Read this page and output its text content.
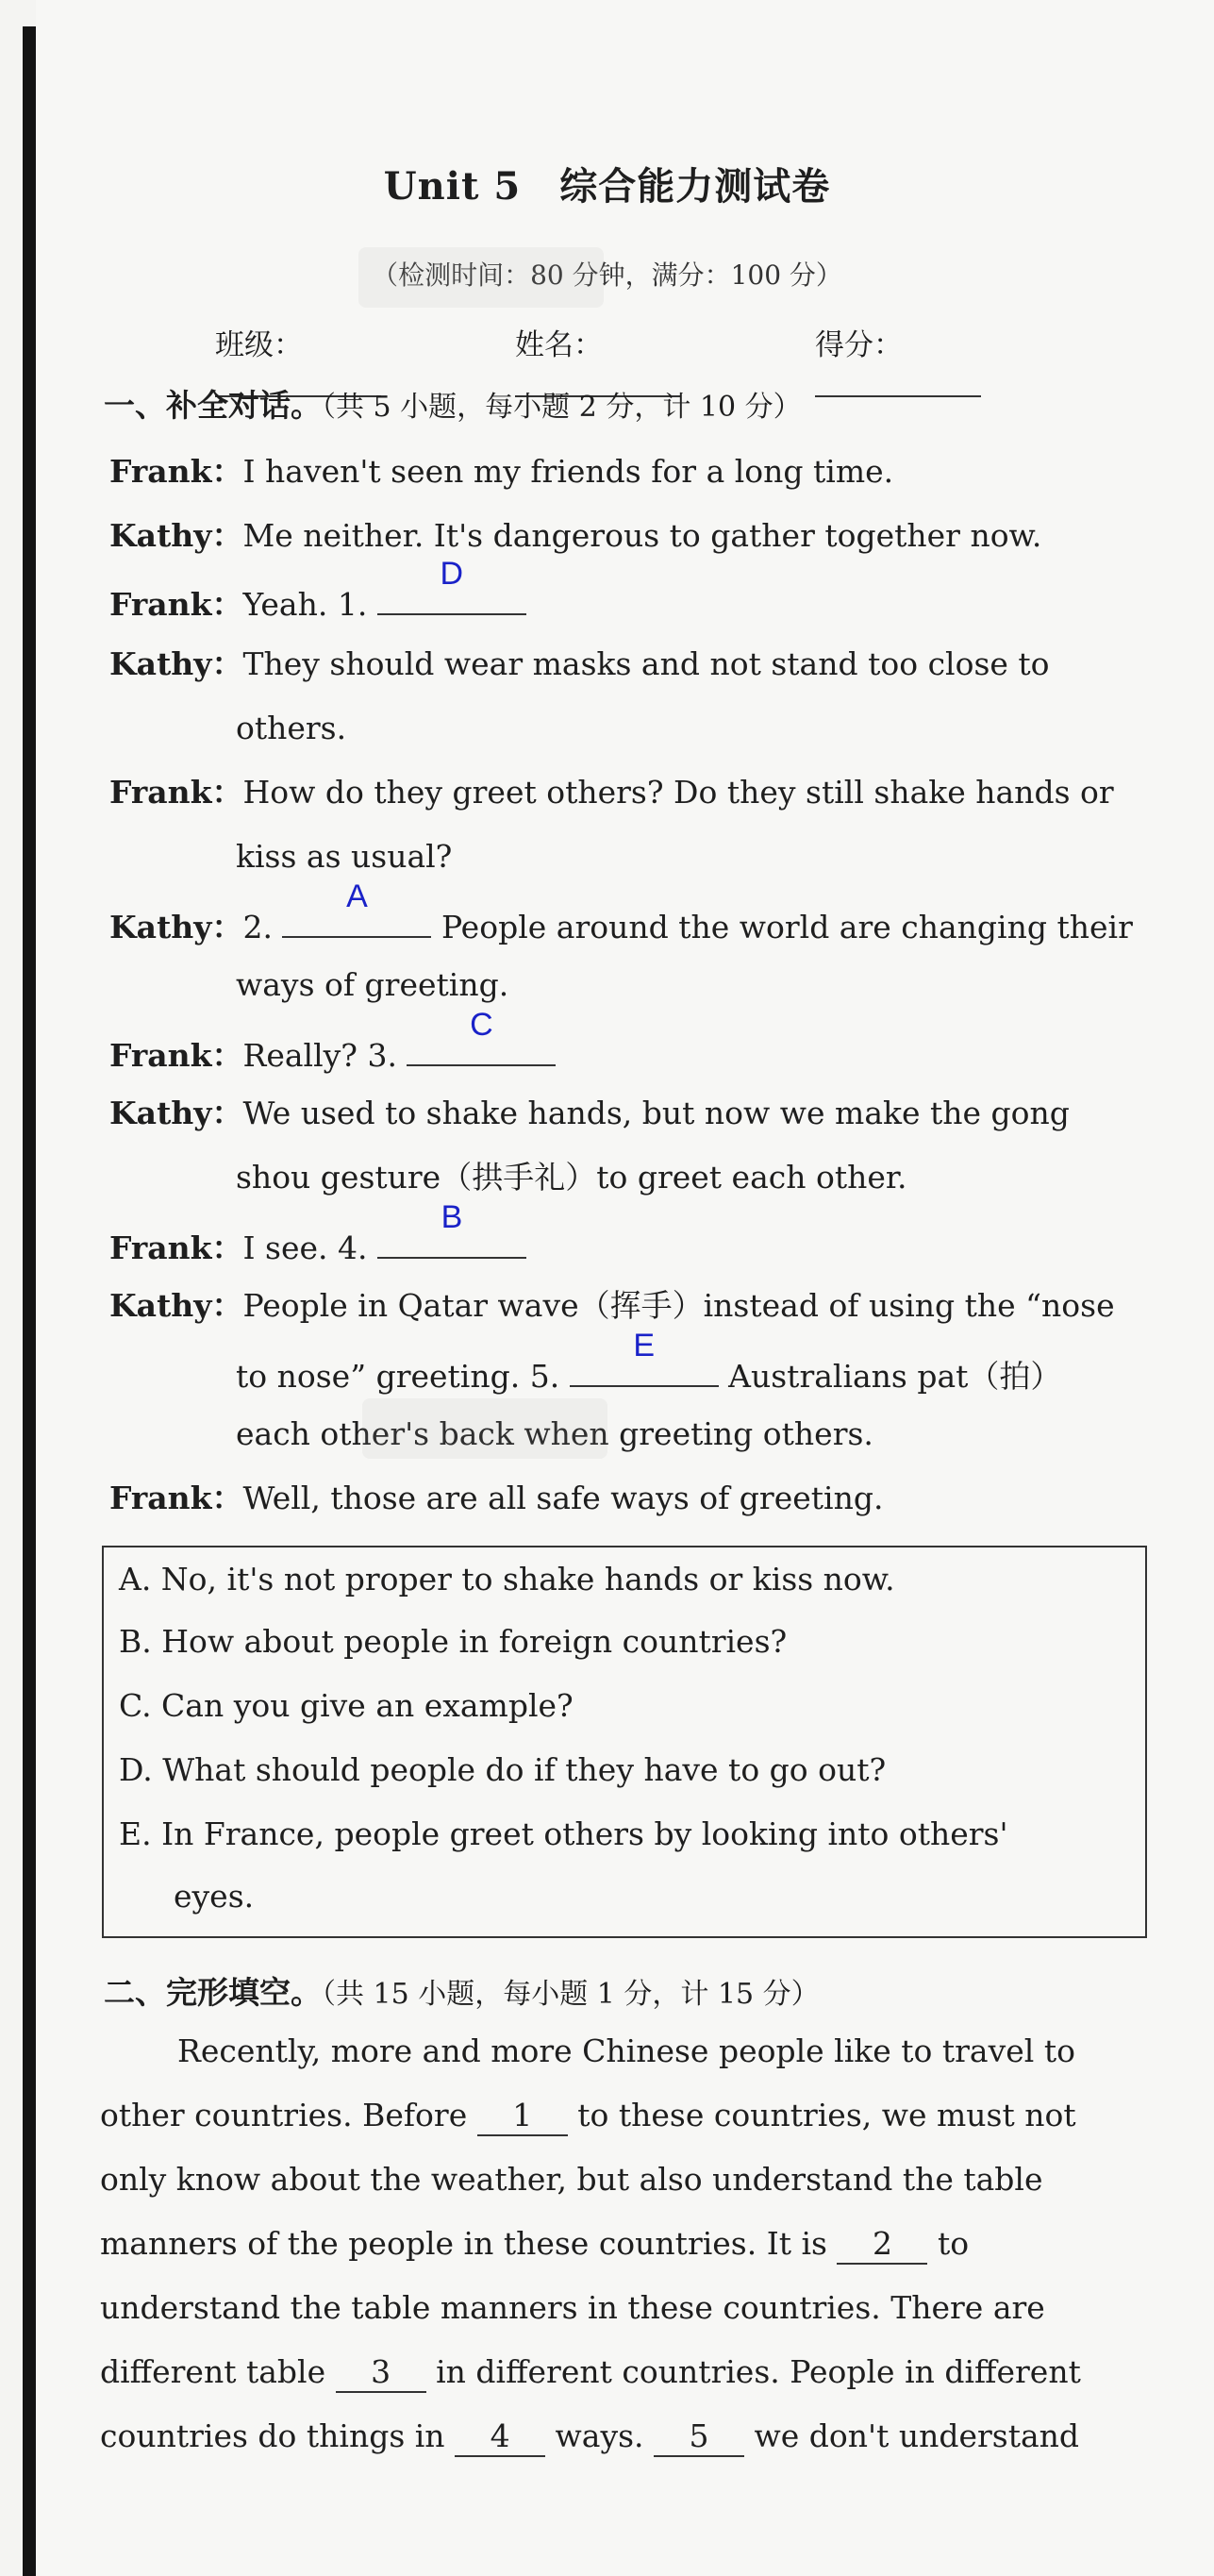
Unit 5　综合能力测试卷
（检测时间：80 分钟，满分：100 分）
班级：	姓名：	得分：
一、补全对话。（共 5 小题，每小题 2 分，计 10 分）
Frank：I haven't seen my friends for a long time.
Kathy：Me neither. It's dangerous to gather together now.
Frank：Yeah. 1.
D
Kathy：They should wear masks and not stand too close to
others.
Frank：How do they greet others? Do they still shake hands or
kiss as usual?
Kathy：2.
A
People around the world are changing their
ways of greeting.
Frank：Really? 3.
C
Kathy：We used to shake hands, but now we make the gong
shou gesture（拱手礼）to greet each other.
Frank：I see. 4.
B
Kathy：People in Qatar wave（挥手）instead of using the “nose
to nose” greeting. 5.
E
Australians pat（拍）
each other's back when greeting others.
Frank：Well, those are all safe ways of greeting.
A. No, it's not proper to shake hands or kiss now.
B. How about people in foreign countries?
C. Can you give an example?
D. What should people do if they have to go out?
E. In France, people greet others by looking into others'
eyes.
二、完形填空。（共 15 小题，每小题 1 分，计 15 分）
Recently, more and more Chinese people like to travel to
other countries. Before 1 to these countries, we must not
only know about the weather, but also understand the table
manners of the people in these countries. It is 2 to
understand the table manners in these countries. There are
different table 3 in different countries. People in different
countries do things in 4 ways. 5 we don't understand
